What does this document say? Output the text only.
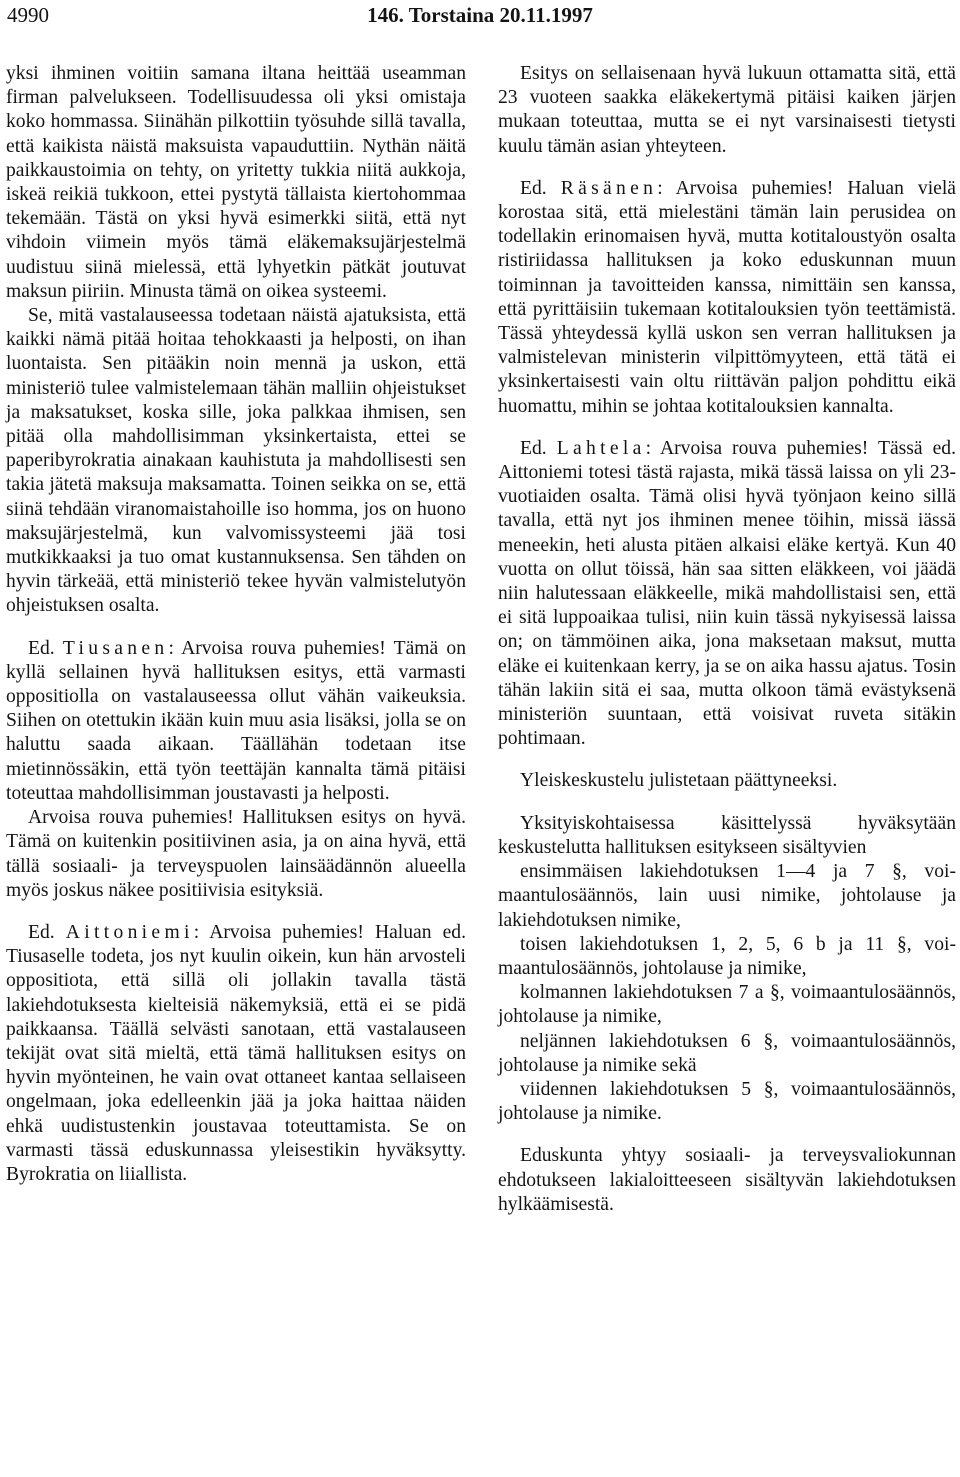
4990	146. Torstaina 20.11.1997

yksi ihminen voitiin samana iltana heittää useamman firman palvelukseen. Todellisuudessa oli yksi omistaja koko hommassa. Siinähän pilkottiin työsuhde sillä tavalla, että kaikista näistä maksuista vapauduttiin. Nythän näitä paikkaustoimia on tehty, on yritetty tukkia niitä aukkoja, iskeä reikiä tukkoon, ettei pystytä tällaista kiertohommaa tekemään. Tästä on yksi hyvä esimerkki siitä, että nyt vihdoin viimein myös tämä eläkemaksujärjestelmä uudistuu siinä mielessä, että lyhyetkin pätkät joutuvat maksun piiriin. Minusta tämä on oikea systeemi.

Se, mitä vastalauseessa todetaan näistä ajatuksista, että kaikki nämä pitää hoitaa tehokkaasti ja helposti, on ihan luontaista. Sen pitääkin noin mennä ja uskon, että ministeriö tulee valmistelemaan tähän malliin ohjeistukset ja maksatukset, koska sille, joka palkkaa ihmisen, sen pitää olla mahdollisimman yksinkertaista, ettei se paperibyrokratia ainakaan kauhistuta ja mahdollisesti sen takia jätetä maksuja maksamatta. Toinen seikka on se, että siinä tehdään viranomaistahoille iso homma, jos on huono maksujärjestelmä, kun valvomissysteemi jää tosi mutkikkaaksi ja tuo omat kustannuksensa. Sen tähden on hyvin tärkeää, että ministeriö tekee hyvän valmistelutyön ohjeistuksen osalta.

Ed. Tiusanen: Arvoisa rouva puhemies! Tämä on kyllä sellainen hyvä hallituksen esitys, että varmasti oppositiolla on vastalauseessa ollut vähän vaikeuksia. Siihen on otettukin ikään kuin muu asia lisäksi, jolla se on haluttu saada aikaan. Täällähän todetaan itse mietinnössäkin, että työn teettäjän kannalta tämä pitäisi toteuttaa mahdollisimman joustavasti ja helposti.

Arvoisa rouva puhemies! Hallituksen esitys on hyvä. Tämä on kuitenkin positiivinen asia, ja on aina hyvä, että tällä sosiaali- ja terveyspuolen lainsäädännön alueella myös joskus näkee positiivisia esityksiä.

Ed. Aittoniemi: Arvoisa puhemies! Haluan ed. Tiusaselle todeta, jos nyt kuulin oikein, kun hän arvosteli oppositiota, että sillä oli jollakin tavalla tästä lakiehdotuksesta kielteisiä näkemyksiä, että ei se pidä paikkaansa. Täällä selvästi sanotaan, että vastalauseen tekijät ovat sitä mieltä, että tämä hallituksen esitys on hyvin myönteinen, he vain ovat ottaneet kantaa sellaiseen ongelmaan, joka edelleenkin jää ja joka haittaa näiden ehkä uudistustenkin joustavaa toteuttamista. Se on varmasti tässä eduskunnassa yleisestikin hyväksytty. Byrokratia on liiallista.

Esitys on sellaisenaan hyvä lukuun ottamatta sitä, että 23 vuoteen saakka eläkekertymä pitäisi kaiken järjen mukaan toteuttaa, mutta se ei nyt varsinaisesti tietysti kuulu tämän asian yhteyteen.

Ed. Räsänen: Arvoisa puhemies! Haluan vielä korostaa sitä, että mielestäni tämän lain perusidea on todellakin erinomaisen hyvä, mutta kotitaloustyön osalta ristiriidassa hallituksen ja koko eduskunnan muun toiminnan ja tavoitteiden kanssa, nimittäin sen kanssa, että pyrittäisiin tukemaan kotitalouksien työn teettämistä. Tässä yhteydessä kyllä uskon sen verran hallituksen ja valmistelevan ministerin vilpittömyyteen, että tätä ei yksinkertaisesti vain oltu riittävän paljon pohdittu eikä huomattu, mihin se johtaa kotitalouksien kannalta.

Ed. Lahtela: Arvoisa rouva puhemies! Tässä ed. Aittoniemi totesi tästä rajasta, mikä tässä laissa on yli 23-vuotiaiden osalta. Tämä olisi hyvä työnjaon keino sillä tavalla, että nyt jos ihminen menee töihin, missä iässä meneekin, heti alusta pitäen alkaisi eläke kertyä. Kun 40 vuotta on ollut töissä, hän saa sitten eläkkeen, voi jäädä niin halutessaan eläkkeelle, mikä mahdollistaisi sen, että ei sitä luppoaikaa tulisi, niin kuin tässä nykyisessä laissa on; on tämmöinen aika, jona maksetaan maksut, mutta eläke ei kuitenkaan kerry, ja se on aika hassu ajatus. Tosin tähän lakiin sitä ei saa, mutta olkoon tämä evästyksenä ministeriön suuntaan, että voisivat ruveta sitäkin pohtimaan.

Yleiskeskustelu julistetaan päättyneeksi.

Yksityiskohtaisessa käsittelyssä hyväksytään keskustelutta hallituksen esitykseen sisältyvien

ensimmäisen lakiehdotuksen 1—4 ja 7 §, voimaantulosäännös, lain uusi nimike, johtolause ja lakiehdotuksen nimike,

toisen lakiehdotuksen 1, 2, 5, 6 b ja 11 §, voimaantulosäännös, johtolause ja nimike,

kolmannen lakiehdotuksen 7 a §, voimaantulosäännös, johtolause ja nimike,

neljännen lakiehdotuksen 6 §, voimaantulosäännös, johtolause ja nimike sekä

viidennen lakiehdotuksen 5 §, voimaantulosäännös, johtolause ja nimike.

Eduskunta yhtyy sosiaali- ja terveysvaliokunnan ehdotukseen lakialoitteeseen sisältyvän lakiehdotuksen hylkäämisestä.
